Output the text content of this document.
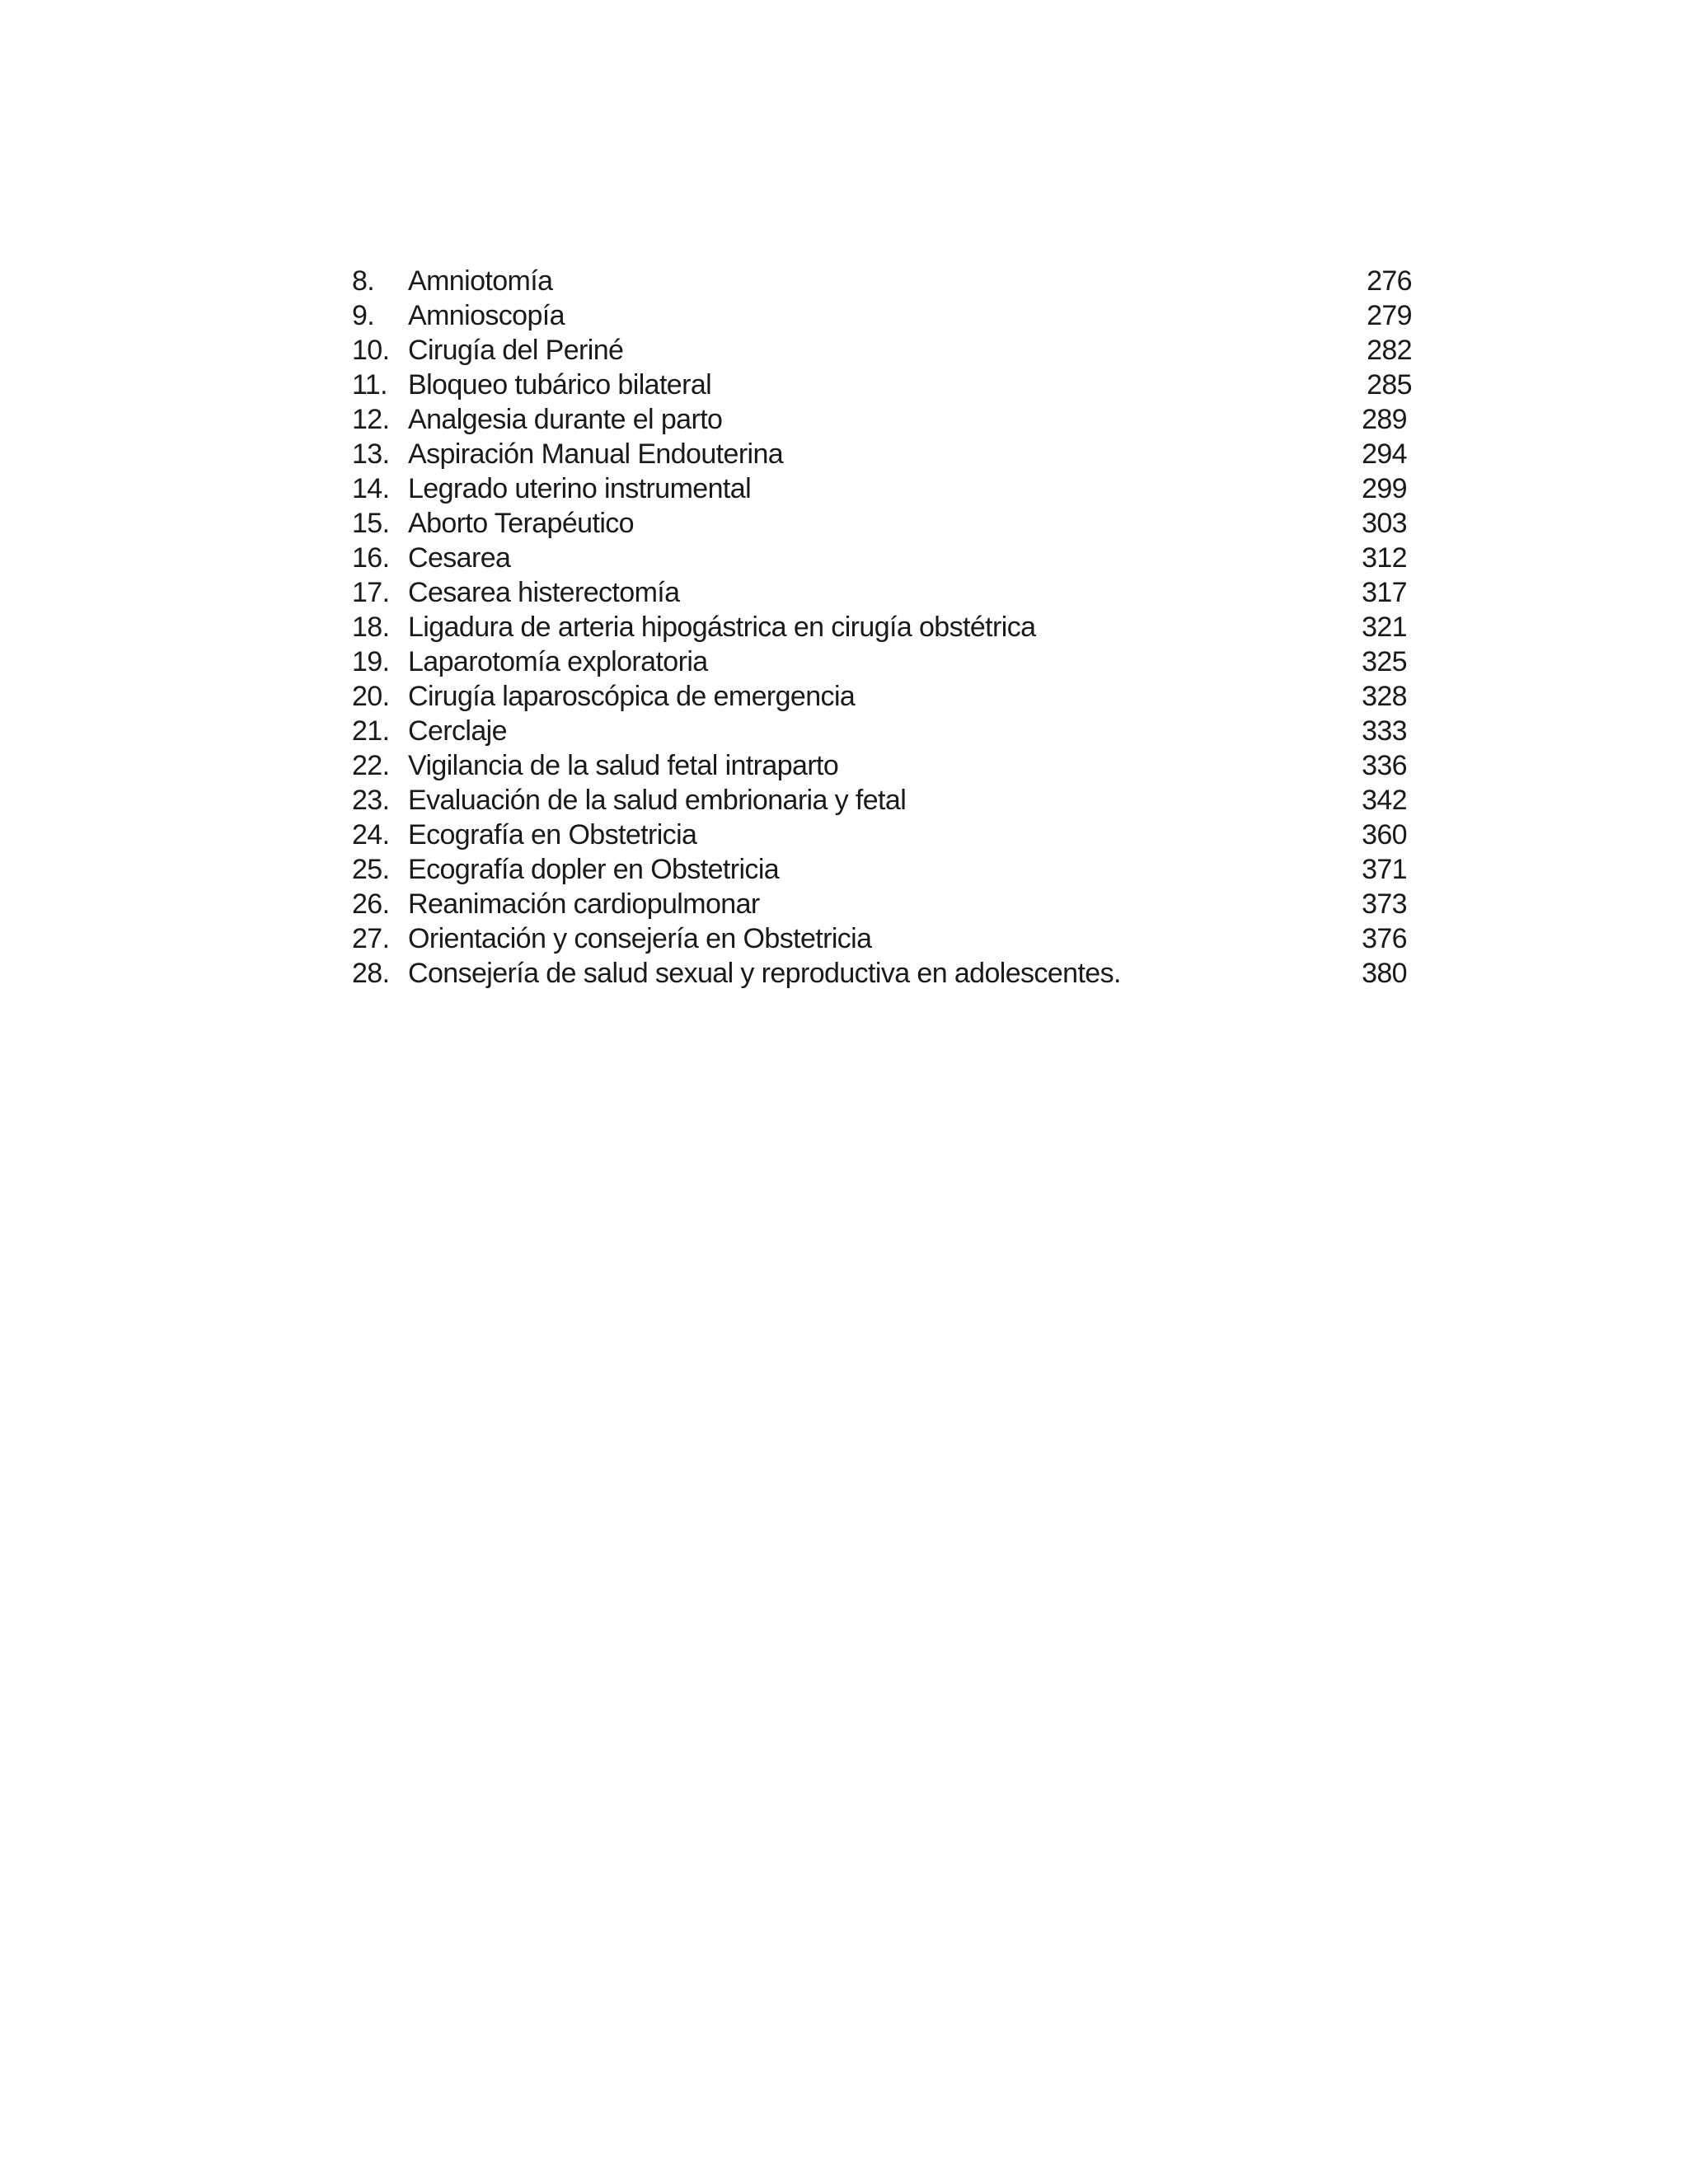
8.	Amniotomía	276
9.	Amnioscopía	279
10. Cirugía del Periné	282
11. Bloqueo tubárico bilateral	285
12. Analgesia durante el parto	289
13. Aspiración Manual Endouterina	294
14. Legrado uterino instrumental	299
15. Aborto Terapéutico	303
16. Cesarea	312
17. Cesarea histerectomía	317
18. Ligadura de arteria hipogástrica en cirugía obstétrica	321
19. Laparotomía exploratoria	325
20. Cirugía laparoscópica de emergencia	328
21. Cerclaje	333
22. Vigilancia de la salud fetal intraparto	336
23. Evaluación de la salud embrionaria y fetal	342
24. Ecografía en Obstetricia	360
25. Ecografía dopler en Obstetricia	371
26. Reanimación cardiopulmonar	373
27. Orientación y consejería en Obstetricia	376
28. Consejería de salud sexual y reproductiva en adolescentes.	380
